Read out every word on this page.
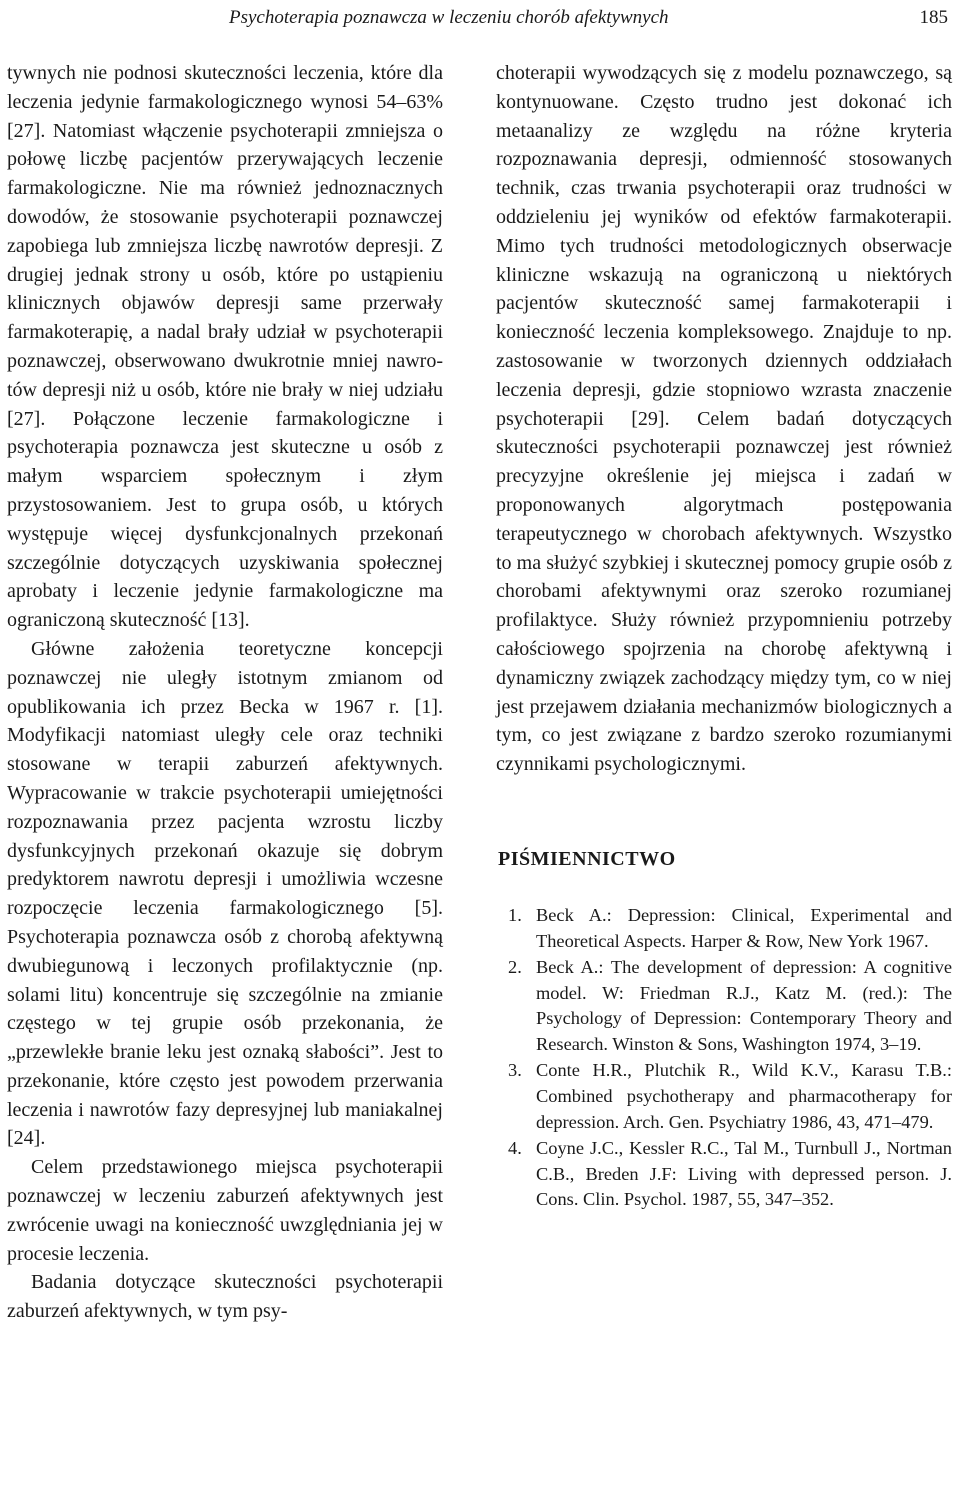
Psychoterapia poznawcza w leczeniu chorób afektywnych	185

tywnych nie podnosi skuteczności leczenia, które dla leczenia jedynie farmakologicznego wynosi 54–63% [27]. Natomiast włączenie psychoterapii zmniejsza o połowę liczbę pacjentów przerywających leczenie farmakologiczne. Nie ma również jednoznacznych dowodów, że stosowanie psychoterapii poznawczej zapobiega lub zmniejsza liczbę nawrotów depresji. Z drugiej jednak strony u osób, które po ustąpieniu klinicznych objawów depresji same przerwały farmakoterapię, a nadal brały udział w psychoterapii poznawczej, obserwowano dwukrotnie mniej nawrotów depresji niż u osób, które nie brały w niej udziału [27]. Połączone leczenie farmakologiczne i psychoterapia poznawcza jest skuteczne u osób z małym wsparciem społecznym i złym przystosowaniem. Jest to grupa osób, u których występuje więcej dysfunkcjonalnych przekonań szczególnie dotyczących uzyskiwania społecznej aprobaty i leczenie jedynie farmakologiczne ma ograniczoną skuteczność [13].

Główne założenia teoretyczne koncepcji poznawczej nie uległy istotnym zmianom od opublikowania ich przez Becka w 1967 r. [1]. Modyfikacji natomiast uległy cele oraz techniki stosowane w terapii zaburzeń afektywnych. Wypracowanie w trakcie psychoterapii umiejętności rozpoznawania przez pacjenta wzrostu liczby dysfunkcyjnych przekonań okazuje się dobrym predyktorem nawrotu depresji i umożliwia wczesne rozpoczęcie leczenia farmakologicznego [5]. Psychoterapia poznawcza osób z chorobą afektywną dwubiegunową i leczonych profilaktycznie (np. solami litu) koncentruje się szczególnie na zmianie częstego w tej grupie osób przekonania, że „przewlekłe branie leku jest oznaką słabości”. Jest to przekonanie, które często jest powodem przerwania leczenia i nawrotów fazy depresyjnej lub maniakalnej [24].

Celem przedstawionego miejsca psychoterapii poznawczej w leczeniu zaburzeń afektywnych jest zwrócenie uwagi na konieczność uwzględniania jej w procesie leczenia.

Badania dotyczące skuteczności psychoterapii zaburzeń afektywnych, w tym psy-

choterapii wywodzących się z modelu poznawczego, są kontynuowane. Często trudno jest dokonać ich metaanalizy ze względu na różne kryteria rozpoznawania depresji, odmienność stosowanych technik, czas trwania psychoterapii oraz trudności w oddzieleniu jej wyników od efektów farmakoterapii. Mimo tych trudności metodologicznych obserwacje kliniczne wskazują na ograniczoną u niektórych pacjentów skuteczność samej farmakoterapii i konieczność leczenia kompleksowego. Znajduje to np. zastosowanie w tworzonych dziennych oddziałach leczenia depresji, gdzie stopniowo wzrasta znaczenie psychoterapii [29]. Celem badań dotyczących skuteczności psychoterapii poznawczej jest również precyzyjne określenie jej miejsca i zadań w proponowanych algorytmach postępowania terapeutycznego w chorobach afektywnych. Wszystko to ma służyć szybkiej i skutecznej pomocy grupie osób z chorobami afektywnymi oraz szeroko rozumianej profilaktyce. Służy również przypomnieniu potrzeby całościowego spojrzenia na chorobę afektywną i dynamiczny związek zachodzący między tym, co w niej jest przejawem działania mechanizmów biologicznych a tym, co jest związane z bardzo szeroko rozumianymi czynnikami psychologicznymi.

PIŚMIENNICTWO
1. Beck A.: Depression: Clinical, Experimental and Theoretical Aspects. Harper & Row, New York 1967.
2. Beck A.: The development of depression: A cognitive model. W: Friedman R.J., Katz M. (red.): The Psychology of Depression: Contemporary Theory and Research. Winston & Sons, Washington 1974, 3–19.
3. Conte H.R., Plutchik R., Wild K.V., Karasu T.B.: Combined psychotherapy and pharmacotherapy for depression. Arch. Gen. Psychiatry 1986, 43, 471–479.
4. Coyne J.C., Kessler R.C., Tal M., Turnbull J., Nortman C.B., Breden J.F: Living with depressed person. J. Cons. Clin. Psychol. 1987, 55, 347–352.
